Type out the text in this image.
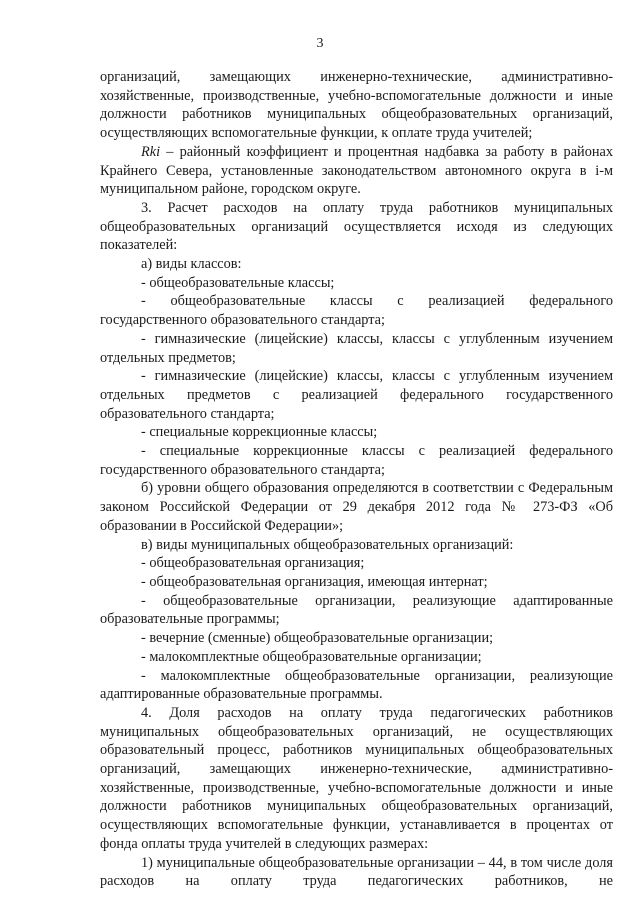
3

организаций, замещающих инженерно-технические, административно-хозяйственные, производственные, учебно-вспомогательные должности и иные должности работников муниципальных общеобразовательных организаций, осуществляющих вспомогательные функции, к оплате труда учителей;

Rki – районный коэффициент и процентная надбавка за работу в районах Крайнего Севера, установленные законодательством автономного округа в i-м муниципальном районе, городском округе.

3. Расчет расходов на оплату труда работников муниципальных общеобразовательных организаций осуществляется исходя из следующих показателей:

а) виды классов:

- общеобразовательные классы;

- общеобразовательные классы с реализацией федерального государственного образовательного стандарта;

- гимназические (лицейские) классы, классы с углубленным изучением отдельных предметов;

- гимназические (лицейские) классы, классы с углубленным изучением отдельных предметов с реализацией федерального государственного образовательного стандарта;

- специальные коррекционные классы;

- специальные коррекционные классы с реализацией федерального государственного образовательного стандарта;

б) уровни общего образования определяются в соответствии с Федеральным законом Российской Федерации от 29 декабря 2012 года № 273-ФЗ «Об образовании в Российской Федерации»;

в) виды муниципальных общеобразовательных организаций:

- общеобразовательная организация;

- общеобразовательная организация, имеющая интернат;

- общеобразовательные организации, реализующие адаптированные образовательные программы;

- вечерние (сменные) общеобразовательные организации;

- малокомплектные общеобразовательные организации;

- малокомплектные общеобразовательные организации, реализующие адаптированные образовательные программы.

4. Доля расходов на оплату труда педагогических работников муниципальных общеобразовательных организаций, не осуществляющих образовательный процесс, работников муниципальных общеобразовательных организаций, замещающих инженерно-технические, административно-хозяйственные, производственные, учебно-вспомогательные должности и иные должности работников муниципальных общеобразовательных организаций, осуществляющих вспомогательные функции, устанавливается в процентах от фонда оплаты труда учителей в следующих размерах:

1) муниципальные общеобразовательные организации – 44, в том числе доля расходов на оплату труда педагогических работников, не
